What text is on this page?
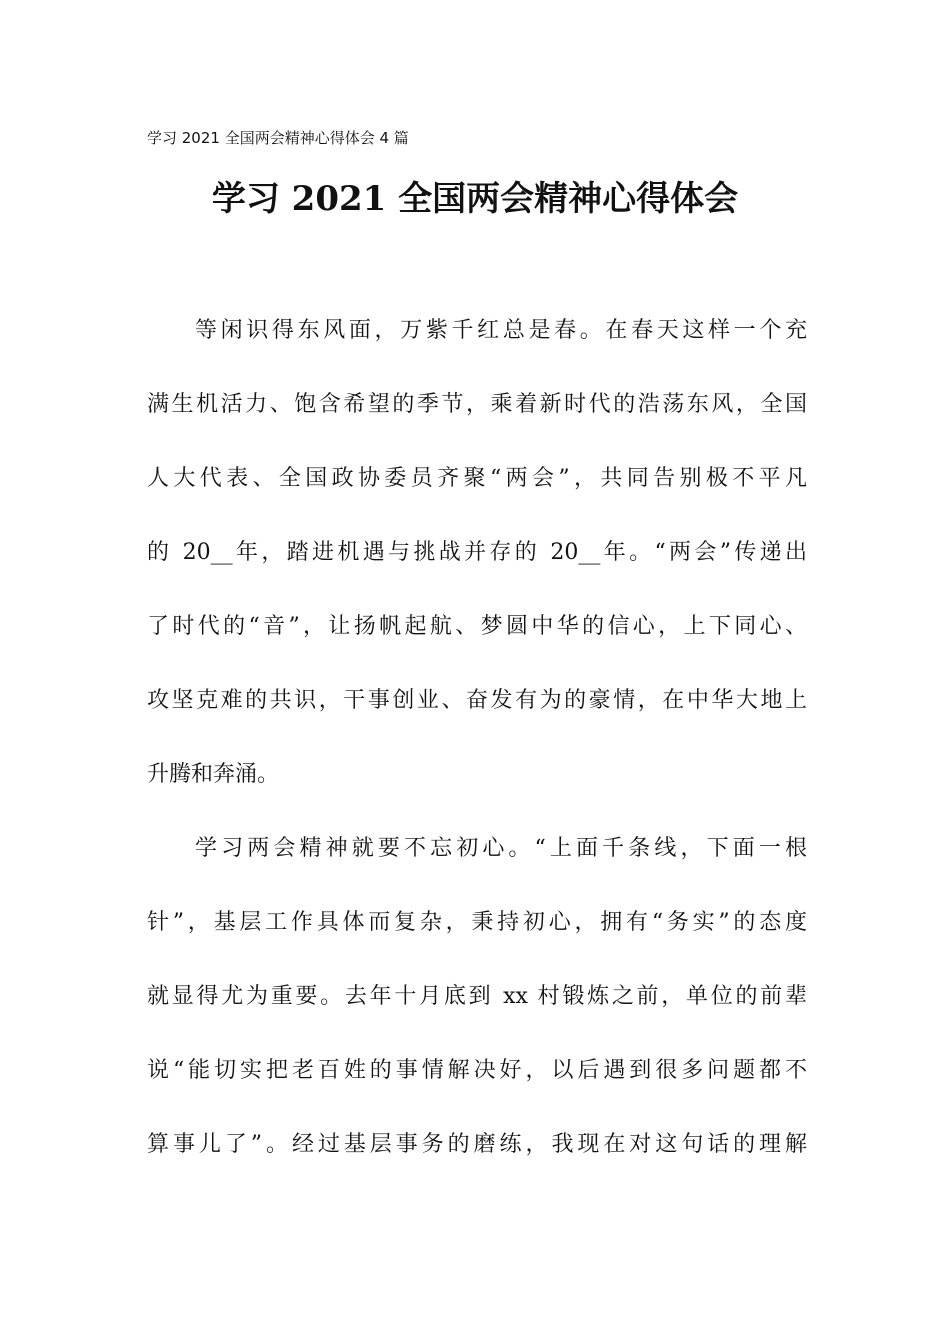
学习 2021 全国两会精神心得体会 4 篇
学习 2021 全国两会精神心得体会
等闲识得东风面，万紫千红总是春。在春天这样一个充
满生机活力、饱含希望的季节，乘着新时代的浩荡东风，全国
人大代表、全国政协委员齐聚“两会”，共同告别极不平凡
的 20__年，踏进机遇与挑战并存的 20__年。“两会”传递出
了时代的“音”，让扬帆起航、梦圆中华的信心，上下同心、
攻坚克难的共识，干事创业、奋发有为的豪情，在中华大地上
升腾和奔涌。
学习两会精神就要不忘初心。“上面千条线，下面一根
针”，基层工作具体而复杂，秉持初心，拥有“务实”的态度
就显得尤为重要。去年十月底到 xx 村锻炼之前，单位的前辈
说“能切实把老百姓的事情解决好，以后遇到很多问题都不
算事儿了”。经过基层事务的磨练，我现在对这句话的理解
